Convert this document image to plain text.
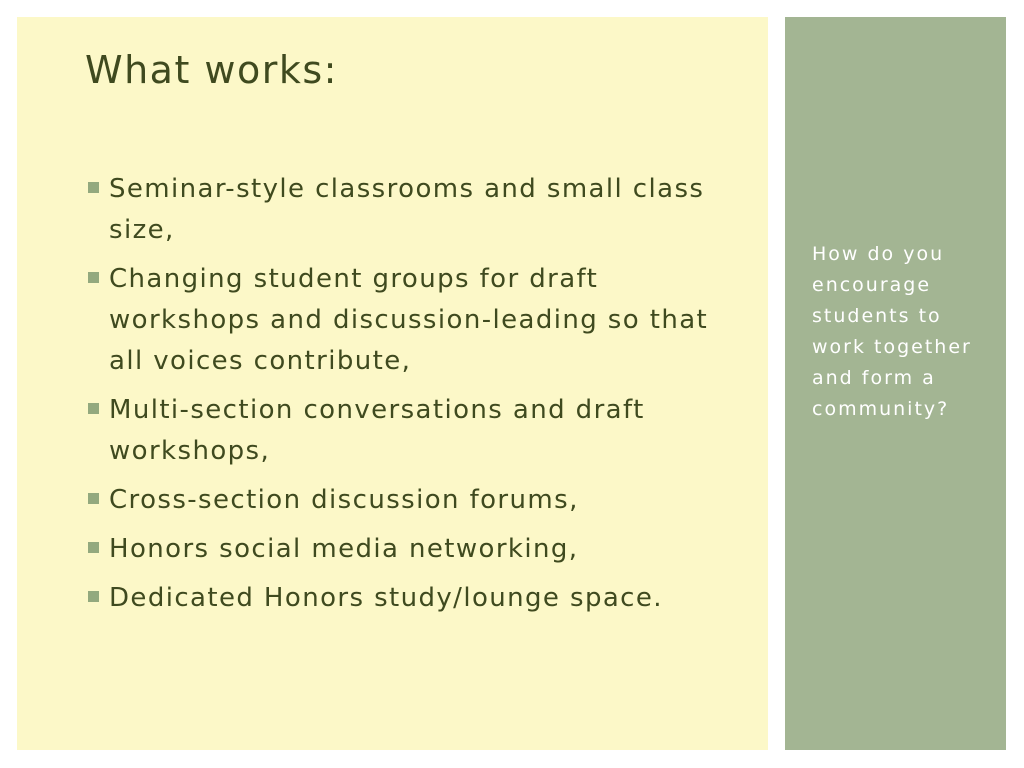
What works:
Seminar-style classrooms and small class size,
Changing student groups for draft workshops and discussion-leading so that all voices contribute,
Multi-section conversations and draft workshops,
Cross-section discussion forums,
Honors social media networking,
Dedicated Honors study/lounge space.

How do you encourage students to work together and form a community?
